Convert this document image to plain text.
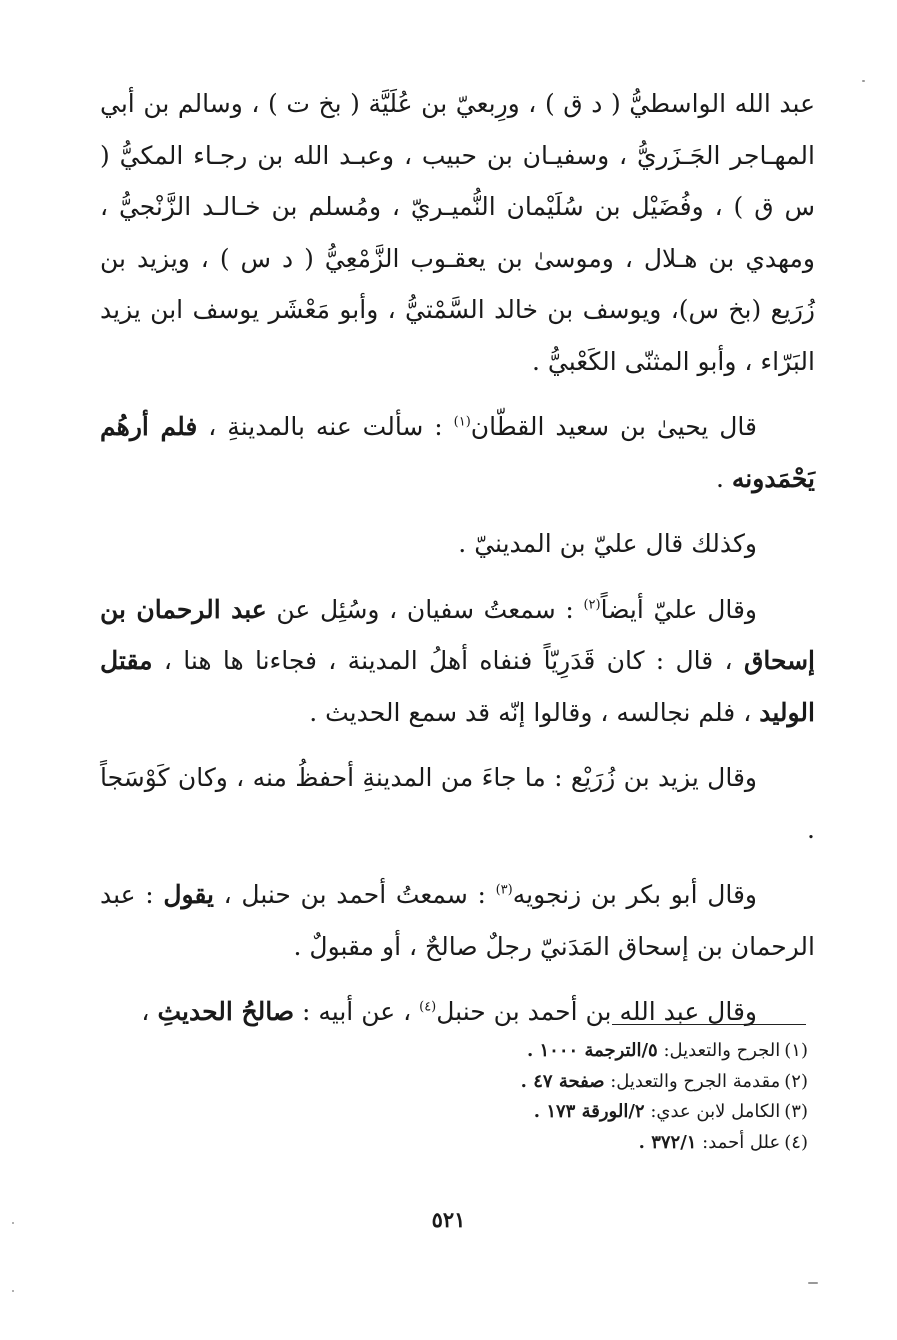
عبد الله الواسطيُّ ( د ق ) ، ورِبعيّ بن عُلَيَّة ( بخ ت ) ، وسالم بن أبي المهـاجر الجَـزَريُّ ، وسفيـان بن حبيب ، وعبـد الله بن رجـاء المكيُّ ( س ق ) ، وفُضَيْل بن سُلَيْمان النُّميـريّ ، ومُسلم بن خـالـد الزَّنْجيُّ ، ومهدي بن هـلال ، وموسىٰ بن يعقـوب الزَّمْعِيُّ ( د س ) ، ويزيد بن زُرَيع (بخ س)، ويوسف بن خالد السَّمْتيُّ ، وأبو مَعْشَر يوسف ابن يزيد البَرّاء ، وأبو المثنّى الكَعْبيُّ .

قال يحيىٰ بن سعيد القطّان$^{(١)}$ : سألت عنه بالمدينةِ ، فلم أرهُم يَحْمَدونه .

وكذلك قال عليّ بن المدينيّ .

وقال عليّ أيضاً$^{(٢)}$ : سمعتُ سفيان ، وسُئِل عن عبد الرحمان بن إسحاق ، قال : كان قَدَرِيّاً فنفاه أهلُ المدينة ، فجاءنا ها هنا ، مقتل الوليد ، فلم نجالسه ، وقالوا إنّه قد سمع الحديث .

وقال يزيد بن زُرَيْع : ما جاءَ من المدينةِ أحفظُ منه ، وكان كَوْسَجاً .

وقال أبو بكر بن زنجويه$^{(٣)}$ : سمعتُ أحمد بن حنبل ، يقول : عبد الرحمان بن إسحاق المَدَنيّ رجلٌ صالحٌ ، أو مقبولٌ .

وقال عبد الله بن أحمد بن حنبل$^{(٤)}$ ، عن أبيه : صالحُ الحديثِ ،

(١)الجرح والتعديل: ٥/الترجمة ١٠٠٠ .
(٢)مقدمة الجرح والتعديل: صفحة ٤٧ .
(٣)الكامل لابن عدي: ٢/الورقة ١٧٣ .
(٤)علل أحمد: ٣٧٢/١ .
٥٢١
